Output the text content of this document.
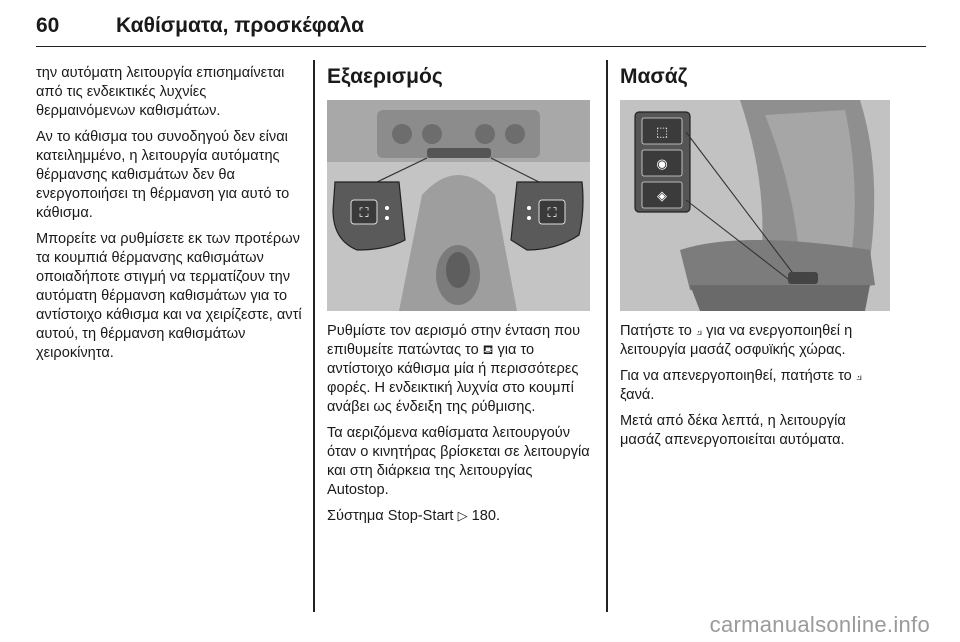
60	Καθίσματα, προσκέφαλα

την αυτόματη λειτουργία επισημαίνεται από τις ενδεικτικές λυχνίες θερμαινόμενων καθισμάτων.

Αν το κάθισμα του συνοδηγού δεν είναι κατειλημμένο, η λειτουργία αυτόματης θέρμανσης καθισμάτων δεν θα ενεργοποιήσει τη θέρμανση για αυτό το κάθισμα.

Μπορείτε να ρυθμίσετε εκ των προτέρων τα κουμπιά θέρμανσης καθισμάτων οποιαδήποτε στιγμή να τερματίζουν την αυτόματη θέρμανση καθισμάτων για το αντίστοιχο κάθισμα και να χειρίζεστε, αντί αυτού, τη θέρμανση καθισμάτων χειροκίνητα.

Εξαερισμός
⛶	⛶

Ρυθμίστε τον αερισμό στην ένταση που επιθυμείτε πατώντας το ⛾ για το αντίστοιχο κάθισμα μία ή περισσότερες φορές. Η ενδεικτική λυχνία στο κουμπί ανάβει ως ένδειξη της ρύθμισης.

Τα αεριζόμενα καθίσματα λειτουργούν όταν ο κινητήρας βρίσκεται σε λειτουργία και στη διάρκεια της λειτουργίας Autostop.

Σύστημα Stop-Start ▷ 180.

Μασάζ
⬚
◉
◈

Πατήστε το ⟓ για να ενεργοποιηθεί η λειτουργία μασάζ οσφυϊκής χώρας.

Για να απενεργοποιηθεί, πατήστε το ⟓ ξανά.

Μετά από δέκα λεπτά, η λειτουργία μασάζ απενεργοποιείται αυτόματα.

carmanualsonline.info
